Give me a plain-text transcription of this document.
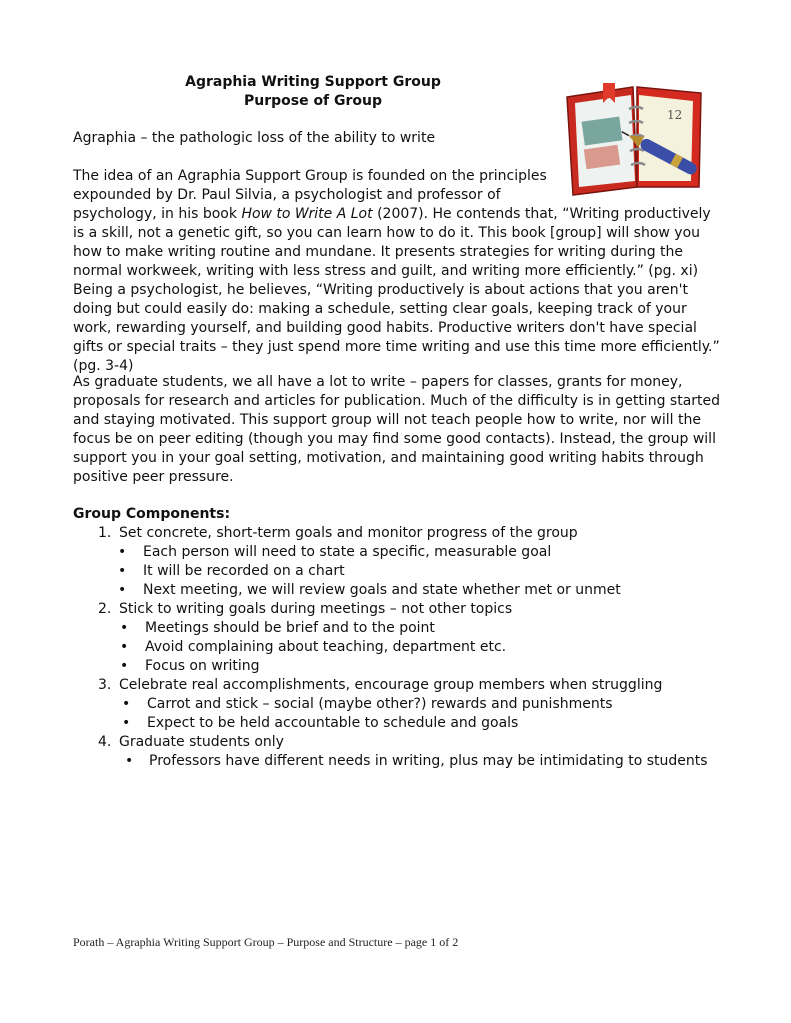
Agraphia Writing Support Group
Purpose of Group
12

Agraphia – the pathologic loss of the ability to write

The idea of an Agraphia Support Group is founded on the principles
expounded by Dr. Paul Silvia, a psychologist and professor of
psychology, in his book How to Write A Lot (2007). He contends that, “Writing productively is a skill, not a genetic gift, so you can learn how to do it. This book [group] will show you how to make writing routine and mundane. It presents strategies for writing during the normal workweek, writing with less stress and guilt, and writing more efficiently.” (pg. xi) Being a psychologist, he believes, “Writing productively is about actions that you aren't doing but could easily do: making a schedule, setting clear goals, keeping track of your work, rewarding yourself, and building good habits. Productive writers don't have special gifts or special traits – they just spend more time writing and use this time more efficiently.” (pg. 3-4)

As graduate students, we all have a lot to write – papers for classes, grants for money, proposals for research and articles for publication. Much of the difficulty is in getting started and staying motivated. This support group will not teach people how to write, nor will the focus be on peer editing (though you may find some good contacts). Instead, the group will support you in your goal setting, motivation, and maintaining good writing habits through positive peer pressure.

Group Components:
1. Set concrete, short-term goals and monitor progress of the group
• Each person will need to state a specific, measurable goal
• It will be recorded on a chart
• Next meeting, we will review goals and state whether met or unmet
2. Stick to writing goals during meetings – not other topics
• Meetings should be brief and to the point
• Avoid complaining about teaching, department etc.
• Focus on writing
3. Celebrate real accomplishments, encourage group members when struggling
• Carrot and stick – social (maybe other?) rewards and punishments
• Expect to be held accountable to schedule and goals
4. Graduate students only
• Professors have different needs in writing, plus may be intimidating to students
Porath – Agraphia Writing Support Group – Purpose and Structure – page 1 of 2
